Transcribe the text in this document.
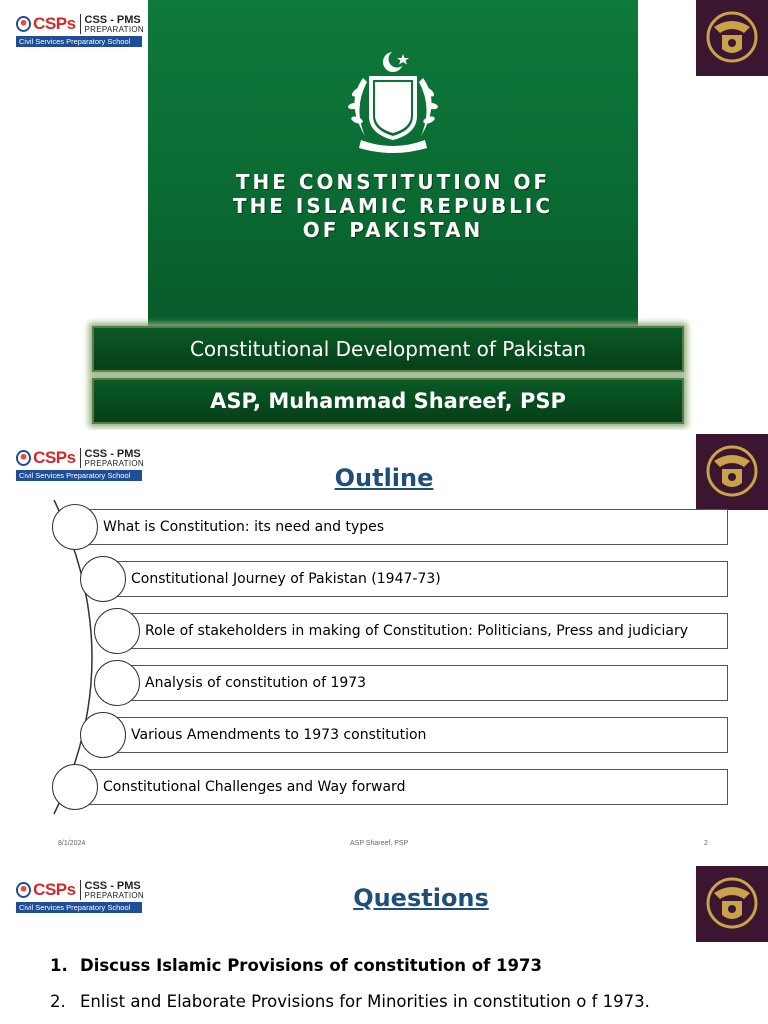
CSPs CSS - PMS
PREPARATION
Civil Services Preparatory School
THE CONSTITUTION OF
THE ISLAMIC REPUBLIC
OF PAKISTAN
Constitutional Development of Pakistan
ASP, Muhammad Shareef, PSP
CSPs CSS - PMS
PREPARATION
Civil Services Preparatory School	Outline
What is Constitution: its need and types
Constitutional Journey of Pakistan (1947-73)
Role of stakeholders in making of Constitution: Politicians, Press and judiciary
Analysis of constitution of 1973
Various Amendments to 1973 constitution
Constitutional Challenges and Way forward
8/1/2024	ASP Shareef, PSP	2
CSPs CSS - PMS
PREPARATION
Civil Services Preparatory School	Questions
1. Discuss Islamic Provisions of constitution of 1973
2. Enlist and Elaborate Provisions for Minorities in constitution o f 1973.
